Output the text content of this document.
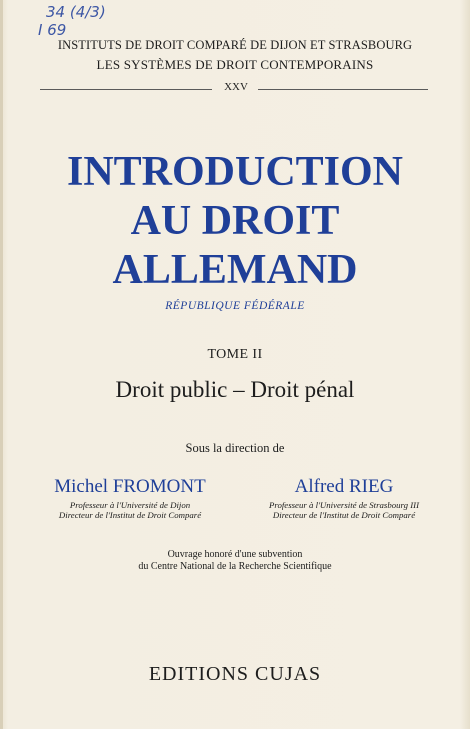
34 (4/3)
I 69
INSTITUTS DE DROIT COMPARÉ DE DIJON ET STRASBOURG
LES SYSTÈMES DE DROIT CONTEMPORAINS
XXV
INTRODUCTION
AU DROIT
ALLEMAND
RÉPUBLIQUE FÉDÉRALE
TOME II
Droit public – Droit pénal
Sous la direction de
Michel FROMONT
Professeur à l'Université de Dijon
Directeur de l'Institut de Droit Comparé
Alfred RIEG
Professeur à l'Université de Strasbourg III
Directeur de l'Institut de Droit Comparé
Ouvrage honoré d'une subvention
du Centre National de la Recherche Scientifique
EDITIONS CUJAS
